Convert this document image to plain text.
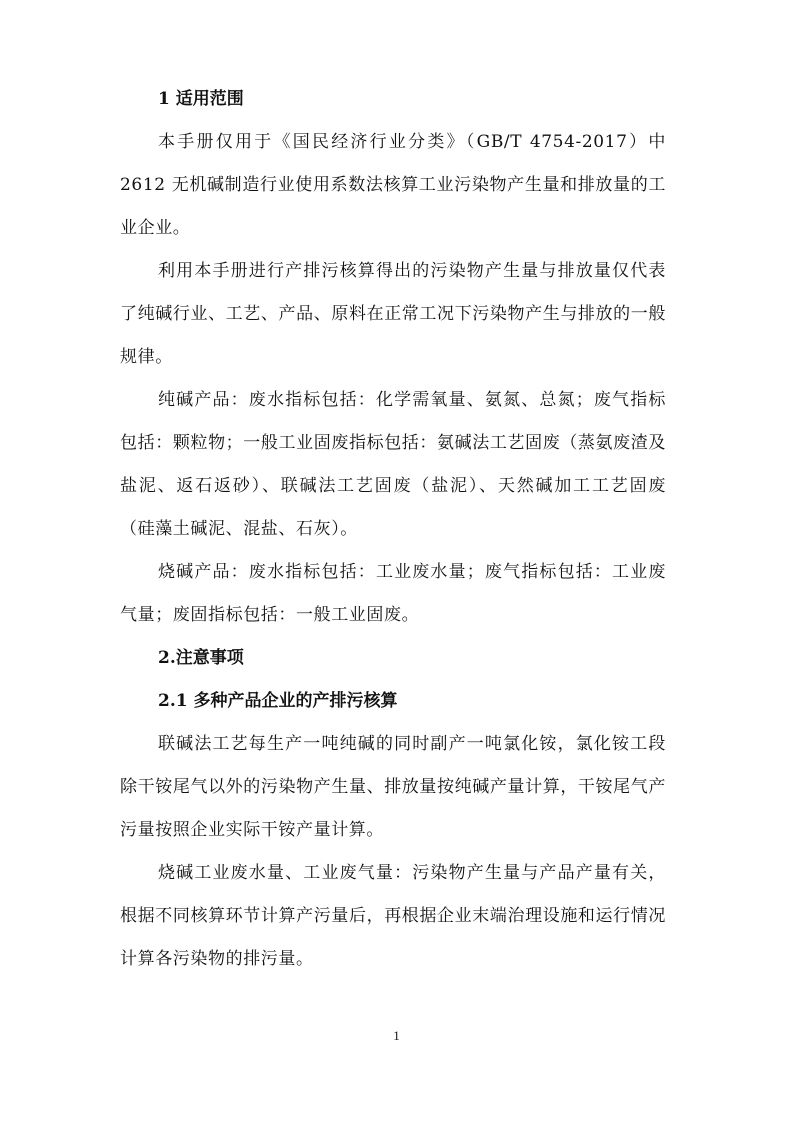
1 适用范围

本手册仅用于《国民经济行业分类》（GB/T 4754-2017）中 2612 无机碱制造行业使用系数法核算工业污染物产生量和排放量的工业企业。

利用本手册进行产排污核算得出的污染物产生量与排放量仅代表了纯碱行业、工艺、产品、原料在正常工况下污染物产生与排放的一般规律。

纯碱产品：废水指标包括：化学需氧量、氨氮、总氮；废气指标包括：颗粒物；一般工业固废指标包括：氨碱法工艺固废（蒸氨废渣及盐泥、返石返砂）、联碱法工艺固废（盐泥）、天然碱加工工艺固废（硅藻土碱泥、混盐、石灰）。

烧碱产品：废水指标包括：工业废水量；废气指标包括：工业废气量；废固指标包括：一般工业固废。

2.注意事项
2.1 多种产品企业的产排污核算

联碱法工艺每生产一吨纯碱的同时副产一吨氯化铵，氯化铵工段除干铵尾气以外的污染物产生量、排放量按纯碱产量计算，干铵尾气产污量按照企业实际干铵产量计算。

烧碱工业废水量、工业废气量：污染物产生量与产品产量有关，根据不同核算环节计算产污量后，再根据企业末端治理设施和运行情况计算各污染物的排污量。

1
